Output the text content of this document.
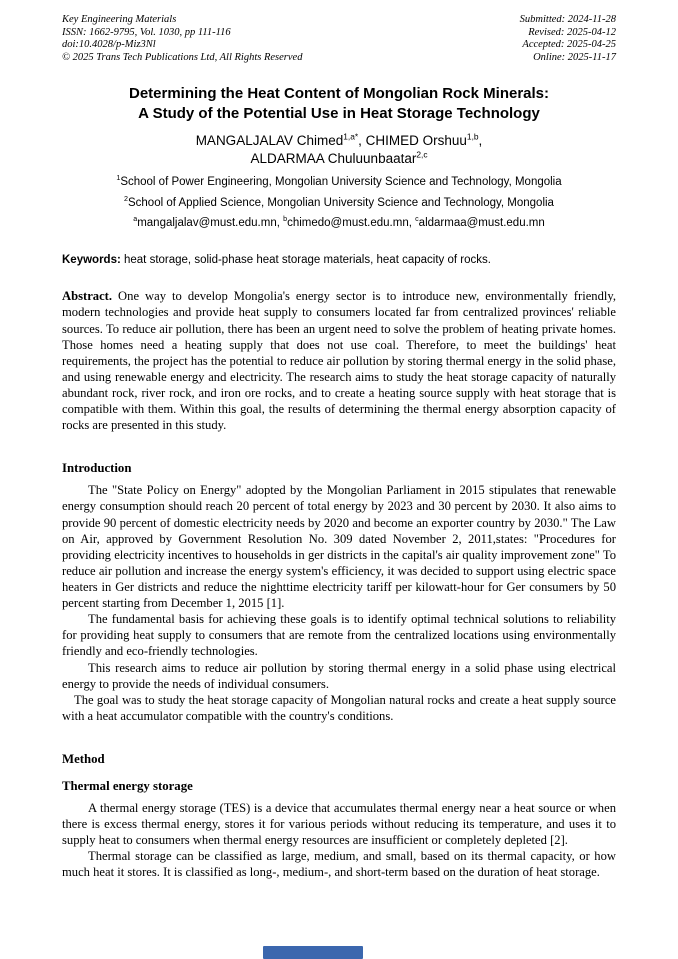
Key Engineering Materials
ISSN: 1662-9795, Vol. 1030, pp 111-116
doi:10.4028/p-Miz3Nl
© 2025 Trans Tech Publications Ltd, All Rights Reserved
Submitted: 2024-11-28
Revised: 2025-04-12
Accepted: 2025-04-25
Online: 2025-11-17
Determining the Heat Content of Mongolian Rock Minerals:
A Study of the Potential Use in Heat Storage Technology
MANGALJALAV Chimed$^{1,a*}$, CHIMED Orshuu$^{1,b}$,
ALDARMAA Chuluunbaatar$^{2,c}$
$^1$School of Power Engineering, Mongolian University Science and Technology, Mongolia
$^2$School of Applied Science, Mongolian University Science and Technology, Mongolia
$^a$mangaljalav@must.edu.mn, $^b$chimedo@must.edu.mn, $^c$aldarmaa@must.edu.mn

Keywords: heat storage, solid-phase heat storage materials, heat capacity of rocks.

Abstract. One way to develop Mongolia's energy sector is to introduce new, environmentally friendly, modern technologies and provide heat supply to consumers located far from centralized provinces' reliable sources. To reduce air pollution, there has been an urgent need to solve the problem of heating private homes. Those homes need a heating supply that does not use coal. Therefore, to meet the buildings' heat requirements, the project has the potential to reduce air pollution by storing thermal energy in the solid phase, and using renewable energy and electricity. The research aims to study the heat storage capacity of naturally abundant rock, river rock, and iron ore rocks, and to create a heating source supply with heat storage that is compatible with them. Within this goal, the results of determining the thermal energy absorption capacity of rocks are presented in this study.

Introduction

The "State Policy on Energy" adopted by the Mongolian Parliament in 2015 stipulates that renewable energy consumption should reach 20 percent of total energy by 2023 and 30 percent by 2030. It also aims to provide 90 percent of domestic electricity needs by 2020 and become an exporter country by 2030." The Law on Air, approved by Government Resolution No. 309 dated November 2, 2011,states: "Procedures for providing electricity incentives to households in ger districts in the capital's air quality improvement zone" To reduce air pollution and increase the energy system's efficiency, it was decided to support using electric space heaters in Ger districts and reduce the nighttime electricity tariff per kilowatt-hour for Ger consumers by 50 percent starting from December 1, 2015 [1].

The fundamental basis for achieving these goals is to identify optimal technical solutions to reliability for providing heat supply to consumers that are remote from the centralized locations using environmentally friendly and eco-friendly technologies.

This research aims to reduce air pollution by storing thermal energy in a solid phase using electrical energy to provide the needs of individual consumers.

The goal was to study the heat storage capacity of Mongolian natural rocks and create a heat supply source with a heat accumulator compatible with the country's conditions.

Method
Thermal energy storage

A thermal energy storage (TES) is a device that accumulates thermal energy near a heat source or when there is excess thermal energy, stores it for various periods without reducing its temperature, and uses it to supply heat to consumers when thermal energy resources are insufficient or completely depleted [2].

Thermal storage can be classified as large, medium, and small, based on its thermal capacity, or how much heat it stores. It is classified as long-, medium-, and short-term based on the duration of heat storage.
